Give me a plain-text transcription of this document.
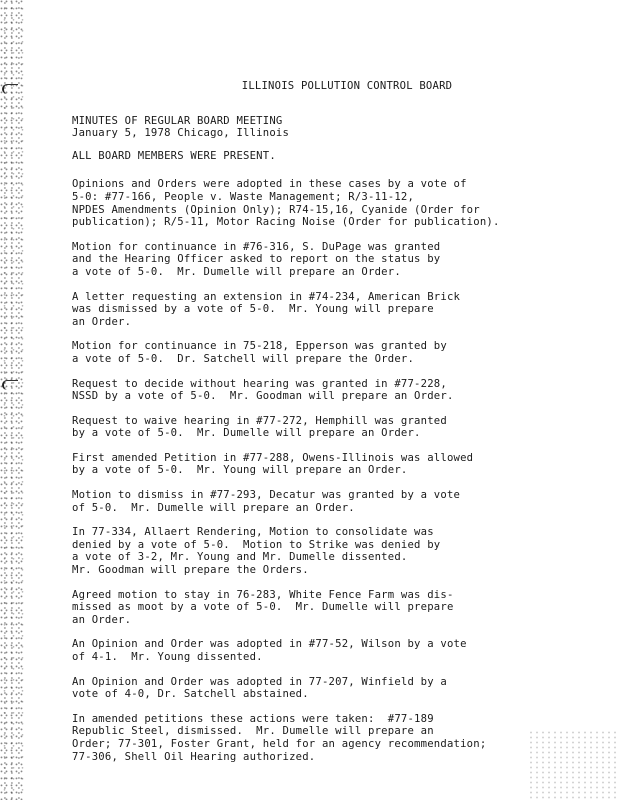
ILLINOIS POLLUTION CONTROL BOARD
MINUTES OF REGULAR BOARD MEETING
January 5, 1978 Chicago, Illinois
ALL BOARD MEMBERS WERE PRESENT.
Opinions and Orders were adopted in these cases by a vote of
5-0: #77-166, People v. Waste Management; R/3-11-12,
NPDES Amendments (Opinion Only); R74-15,16, Cyanide (Order for
publication); R/5-11, Motor Racing Noise (Order for publication).
Motion for continuance in #76-316, S. DuPage was granted
and the Hearing Officer asked to report on the status by
a vote of 5-0.  Mr. Dumelle will prepare an Order.
A letter requesting an extension in #74-234, American Brick
was dismissed by a vote of 5-0.  Mr. Young will prepare
an Order.
Motion for continuance in 75-218, Epperson was granted by
a vote of 5-0.  Dr. Satchell will prepare the Order.
Request to decide without hearing was granted in #77-228,
NSSD by a vote of 5-0.  Mr. Goodman will prepare an Order.
Request to waive hearing in #77-272, Hemphill was granted
by a vote of 5-0.  Mr. Dumelle will prepare an Order.
First amended Petition in #77-288, Owens-Illinois was allowed
by a vote of 5-0.  Mr. Young will prepare an Order.
Motion to dismiss in #77-293, Decatur was granted by a vote
of 5-0.  Mr. Dumelle will prepare an Order.
In 77-334, Allaert Rendering, Motion to consolidate was
denied by a vote of 5-0.  Motion to Strike was denied by
a vote of 3-2, Mr. Young and Mr. Dumelle dissented.
Mr. Goodman will prepare the Orders.
Agreed motion to stay in 76-283, White Fence Farm was dis-
missed as moot by a vote of 5-0.  Mr. Dumelle will prepare
an Order.
An Opinion and Order was adopted in #77-52, Wilson by a vote
of 4-1.  Mr. Young dissented.
An Opinion and Order was adopted in 77-207, Winfield by a
vote of 4-0, Dr. Satchell abstained.
In amended petitions these actions were taken:  #77-189
Republic Steel, dismissed.  Mr. Dumelle will prepare an
Order; 77-301, Foster Grant, held for an agency recommendation;
77-306, Shell Oil Hearing authorized.
